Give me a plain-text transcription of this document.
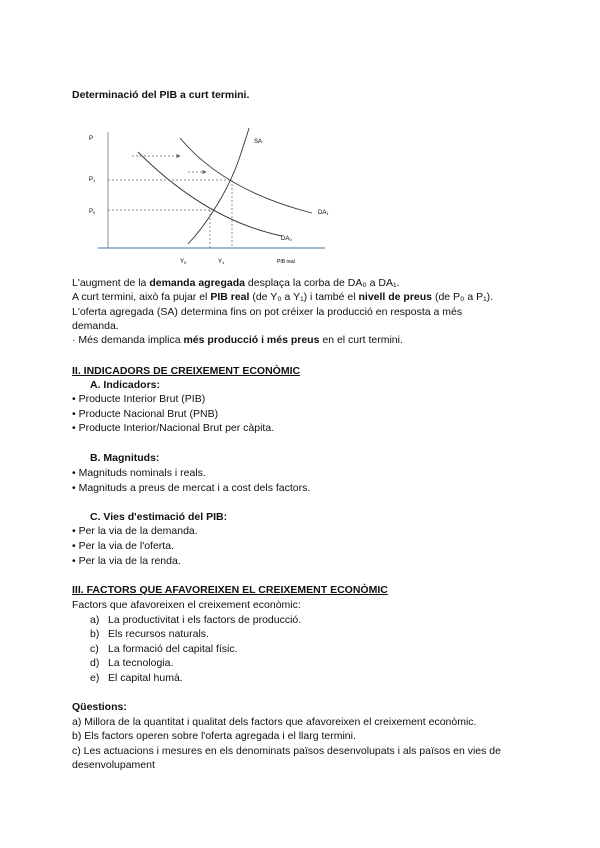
Determinació del PIB a curt termini.
P
P1
P0
SA
DA1
DA0
Y0	Y1	PIB real
L'augment de la demanda agregada desplaça la corba de DA₀ a DA₁.
A curt termini, això fa pujar el PIB real (de Y₀ a Y₁) i també el nivell de preus (de P₀ a P₁).
L'oferta agregada (SA) determina fins on pot créixer la producció en resposta a més
demanda.
· Més demanda implica més producció i més preus en el curt termini.
II. INDICADORS DE CREIXEMENT ECONÒMIC
A. Indicadors:
• Producte Interior Brut (PIB)
• Producte Nacional Brut (PNB)
• Producte Interior/Nacional Brut per càpita.
B. Magnituds:
• Magnituds nominals i reals.
• Magnituds a preus de mercat i a cost dels factors.
C. Vies d'estimació del PIB:
• Per la via de la demanda.
• Per la via de l'oferta.
• Per la via de la renda.
III. FACTORS QUE AFAVOREIXEN EL CREIXEMENT ECONÒMIC
Factors que afavoreixen el creixement econòmic:
a) La productivitat i els factors de producció.
b) Els recursos naturals.
c) La formació del capital físic.
d) La tecnologia.
e) El capital humà.
Qüestions:
a) Millora de la quantitat i qualitat dels factors que afavoreixen el creixement econòmic.
b) Els factors operen sobre l'oferta agregada i el llarg termini.
c) Les actuacions i mesures en els denominats països desenvolupats i als països en vies de
desenvolupament
